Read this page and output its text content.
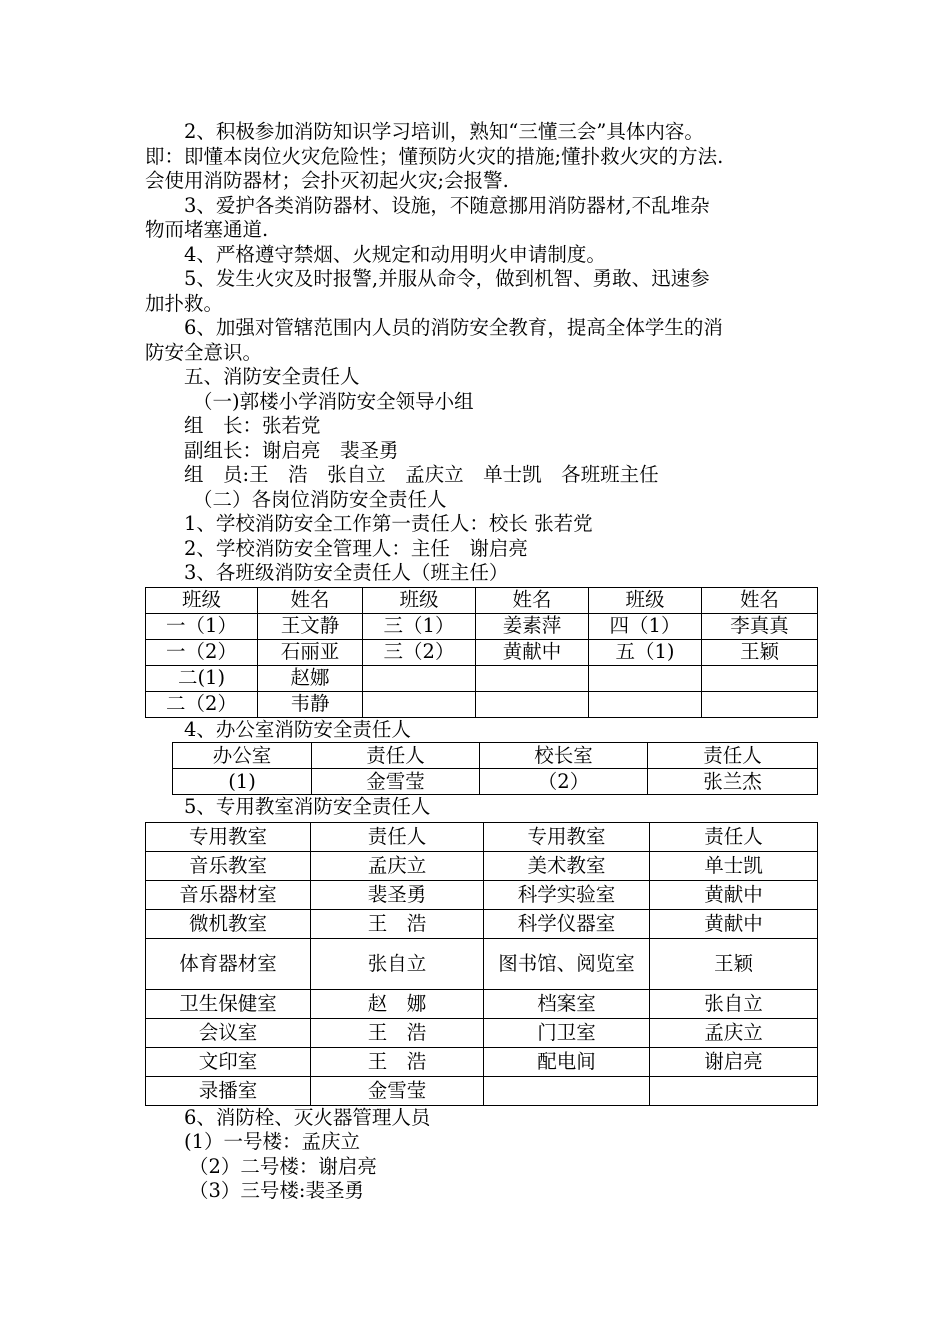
2、积极参加消防知识学习培训，熟知“三懂三会”具体内容。
即：即懂本岗位火灾危险性；懂预防火灾的措施;懂扑救火灾的方法.
会使用消防器材；会扑灭初起火灾;会报警.
3、爱护各类消防器材、设施，不随意挪用消防器材,不乱堆杂
物而堵塞通道.
4、严格遵守禁烟、火规定和动用明火申请制度。
5、发生火灾及时报警,并服从命令，做到机智、勇敢、迅速参
加扑救。
6、加强对管辖范围内人员的消防安全教育，提高全体学生的消
防安全意识。
五、消防安全责任人
（一)郭楼小学消防安全领导小组
组　长：张若党
副组长：谢启亮　裴圣勇
组　员:王　浩　张自立　孟庆立　单士凯　各班班主任
（二）各岗位消防安全责任人
1、学校消防安全工作第一责任人：校长 张若党
2、学校消防安全管理人：主任　谢启亮
3、各班级消防安全责任人（班主任）
班级	姓名	班级	姓名	班级	姓名
一（1）	王文静	三（1）	姜素萍	四（1）	李真真
一（2）	石丽亚	三（2）	黄献中	五（1)	王颖
二(1)	赵娜				
二（2）	韦静				
4、办公室消防安全责任人
办公室	责任人	校长室	责任人
(1)	金雪莹	（2）	张兰杰
5、专用教室消防安全责任人
专用教室	责任人	专用教室	责任人
音乐教室	孟庆立	美术教室	单士凯
音乐器材室	裴圣勇	科学实验室	黄献中
微机教室	王　浩	科学仪器室	黄献中
体育器材室	张自立	图书馆、阅览室	王颖
卫生保健室	赵　娜	档案室	张自立
会议室	王　浩	门卫室	孟庆立
文印室	王　浩	配电间	谢启亮
录播室	金雪莹		
6、消防栓、灭火器管理人员
(1）一号楼：孟庆立
（2）二号楼：谢启亮
（3）三号楼:裴圣勇
